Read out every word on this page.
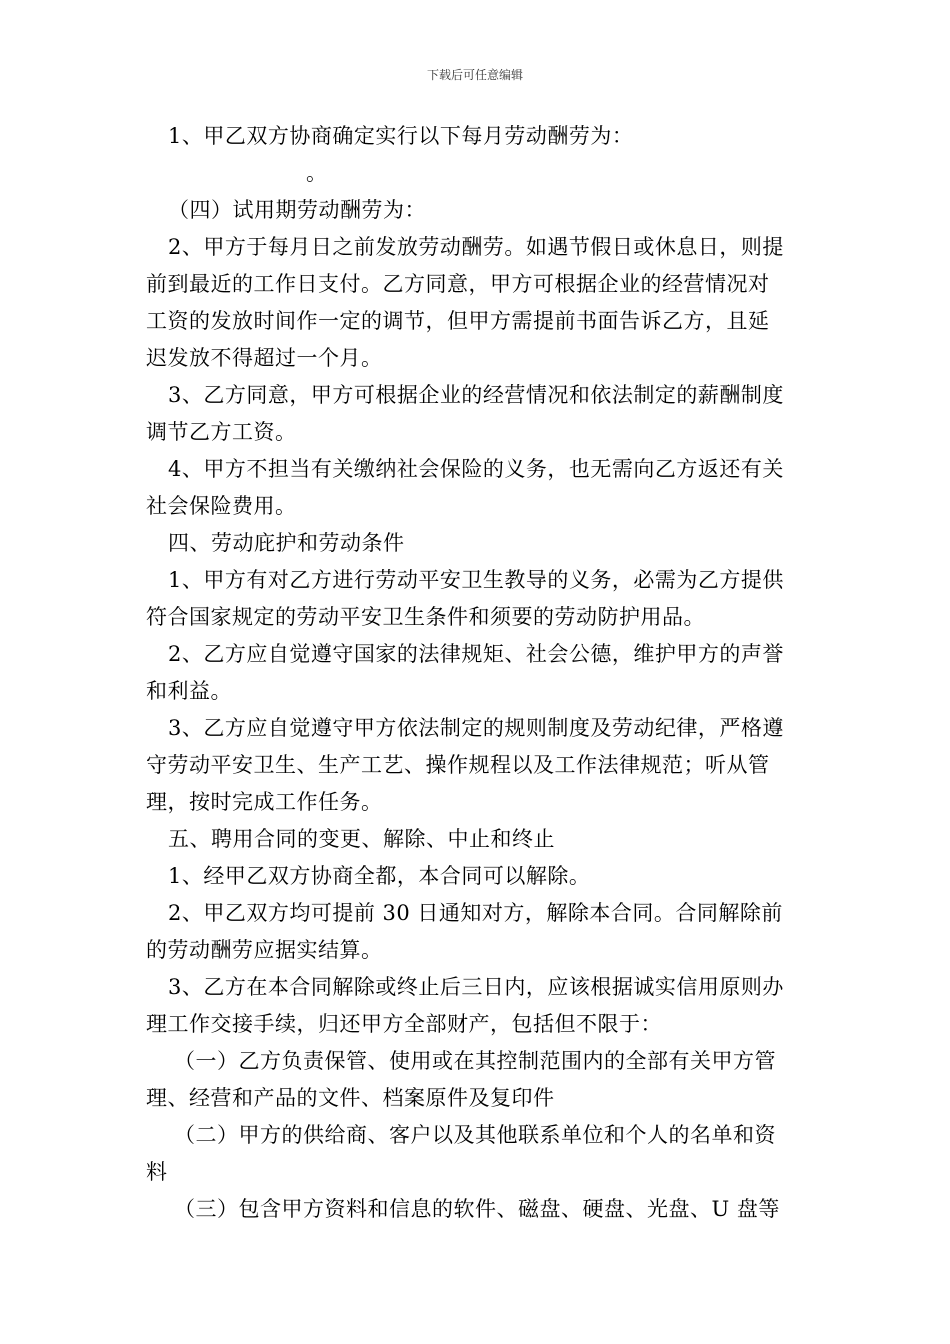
下载后可任意编辑

1、甲乙双方协商确定实行以下每月劳动酬劳为：

。

（四）试用期劳动酬劳为：

2、甲方于每月日之前发放劳动酬劳。如遇节假日或休息日，则提

前到最近的工作日支付。乙方同意，甲方可根据企业的经营情况对

工资的发放时间作一定的调节，但甲方需提前书面告诉乙方，且延

迟发放不得超过一个月。

3、乙方同意，甲方可根据企业的经营情况和依法制定的薪酬制度

调节乙方工资。

4、甲方不担当有关缴纳社会保险的义务，也无需向乙方返还有关

社会保险费用。

四、劳动庇护和劳动条件

1、甲方有对乙方进行劳动平安卫生教导的义务，必需为乙方提供

符合国家规定的劳动平安卫生条件和须要的劳动防护用品。

2、乙方应自觉遵守国家的法律规矩、社会公德，维护甲方的声誉

和利益。

3、乙方应自觉遵守甲方依法制定的规则制度及劳动纪律，严格遵

守劳动平安卫生、生产工艺、操作规程以及工作法律规范；听从管

理，按时完成工作任务。

五、聘用合同的变更、解除、中止和终止

1、经甲乙双方协商全都，本合同可以解除。

2、甲乙双方均可提前 30 日通知对方，解除本合同。合同解除前

的劳动酬劳应据实结算。

3、乙方在本合同解除或终止后三日内，应该根据诚实信用原则办

理工作交接手续，归还甲方全部财产，包括但不限于：

（一）乙方负责保管、使用或在其控制范围内的全部有关甲方管

理、经营和产品的文件、档案原件及复印件

（二）甲方的供给商、客户以及其他联系单位和个人的名单和资

料

（三）包含甲方资料和信息的软件、磁盘、硬盘、光盘、U 盘等
